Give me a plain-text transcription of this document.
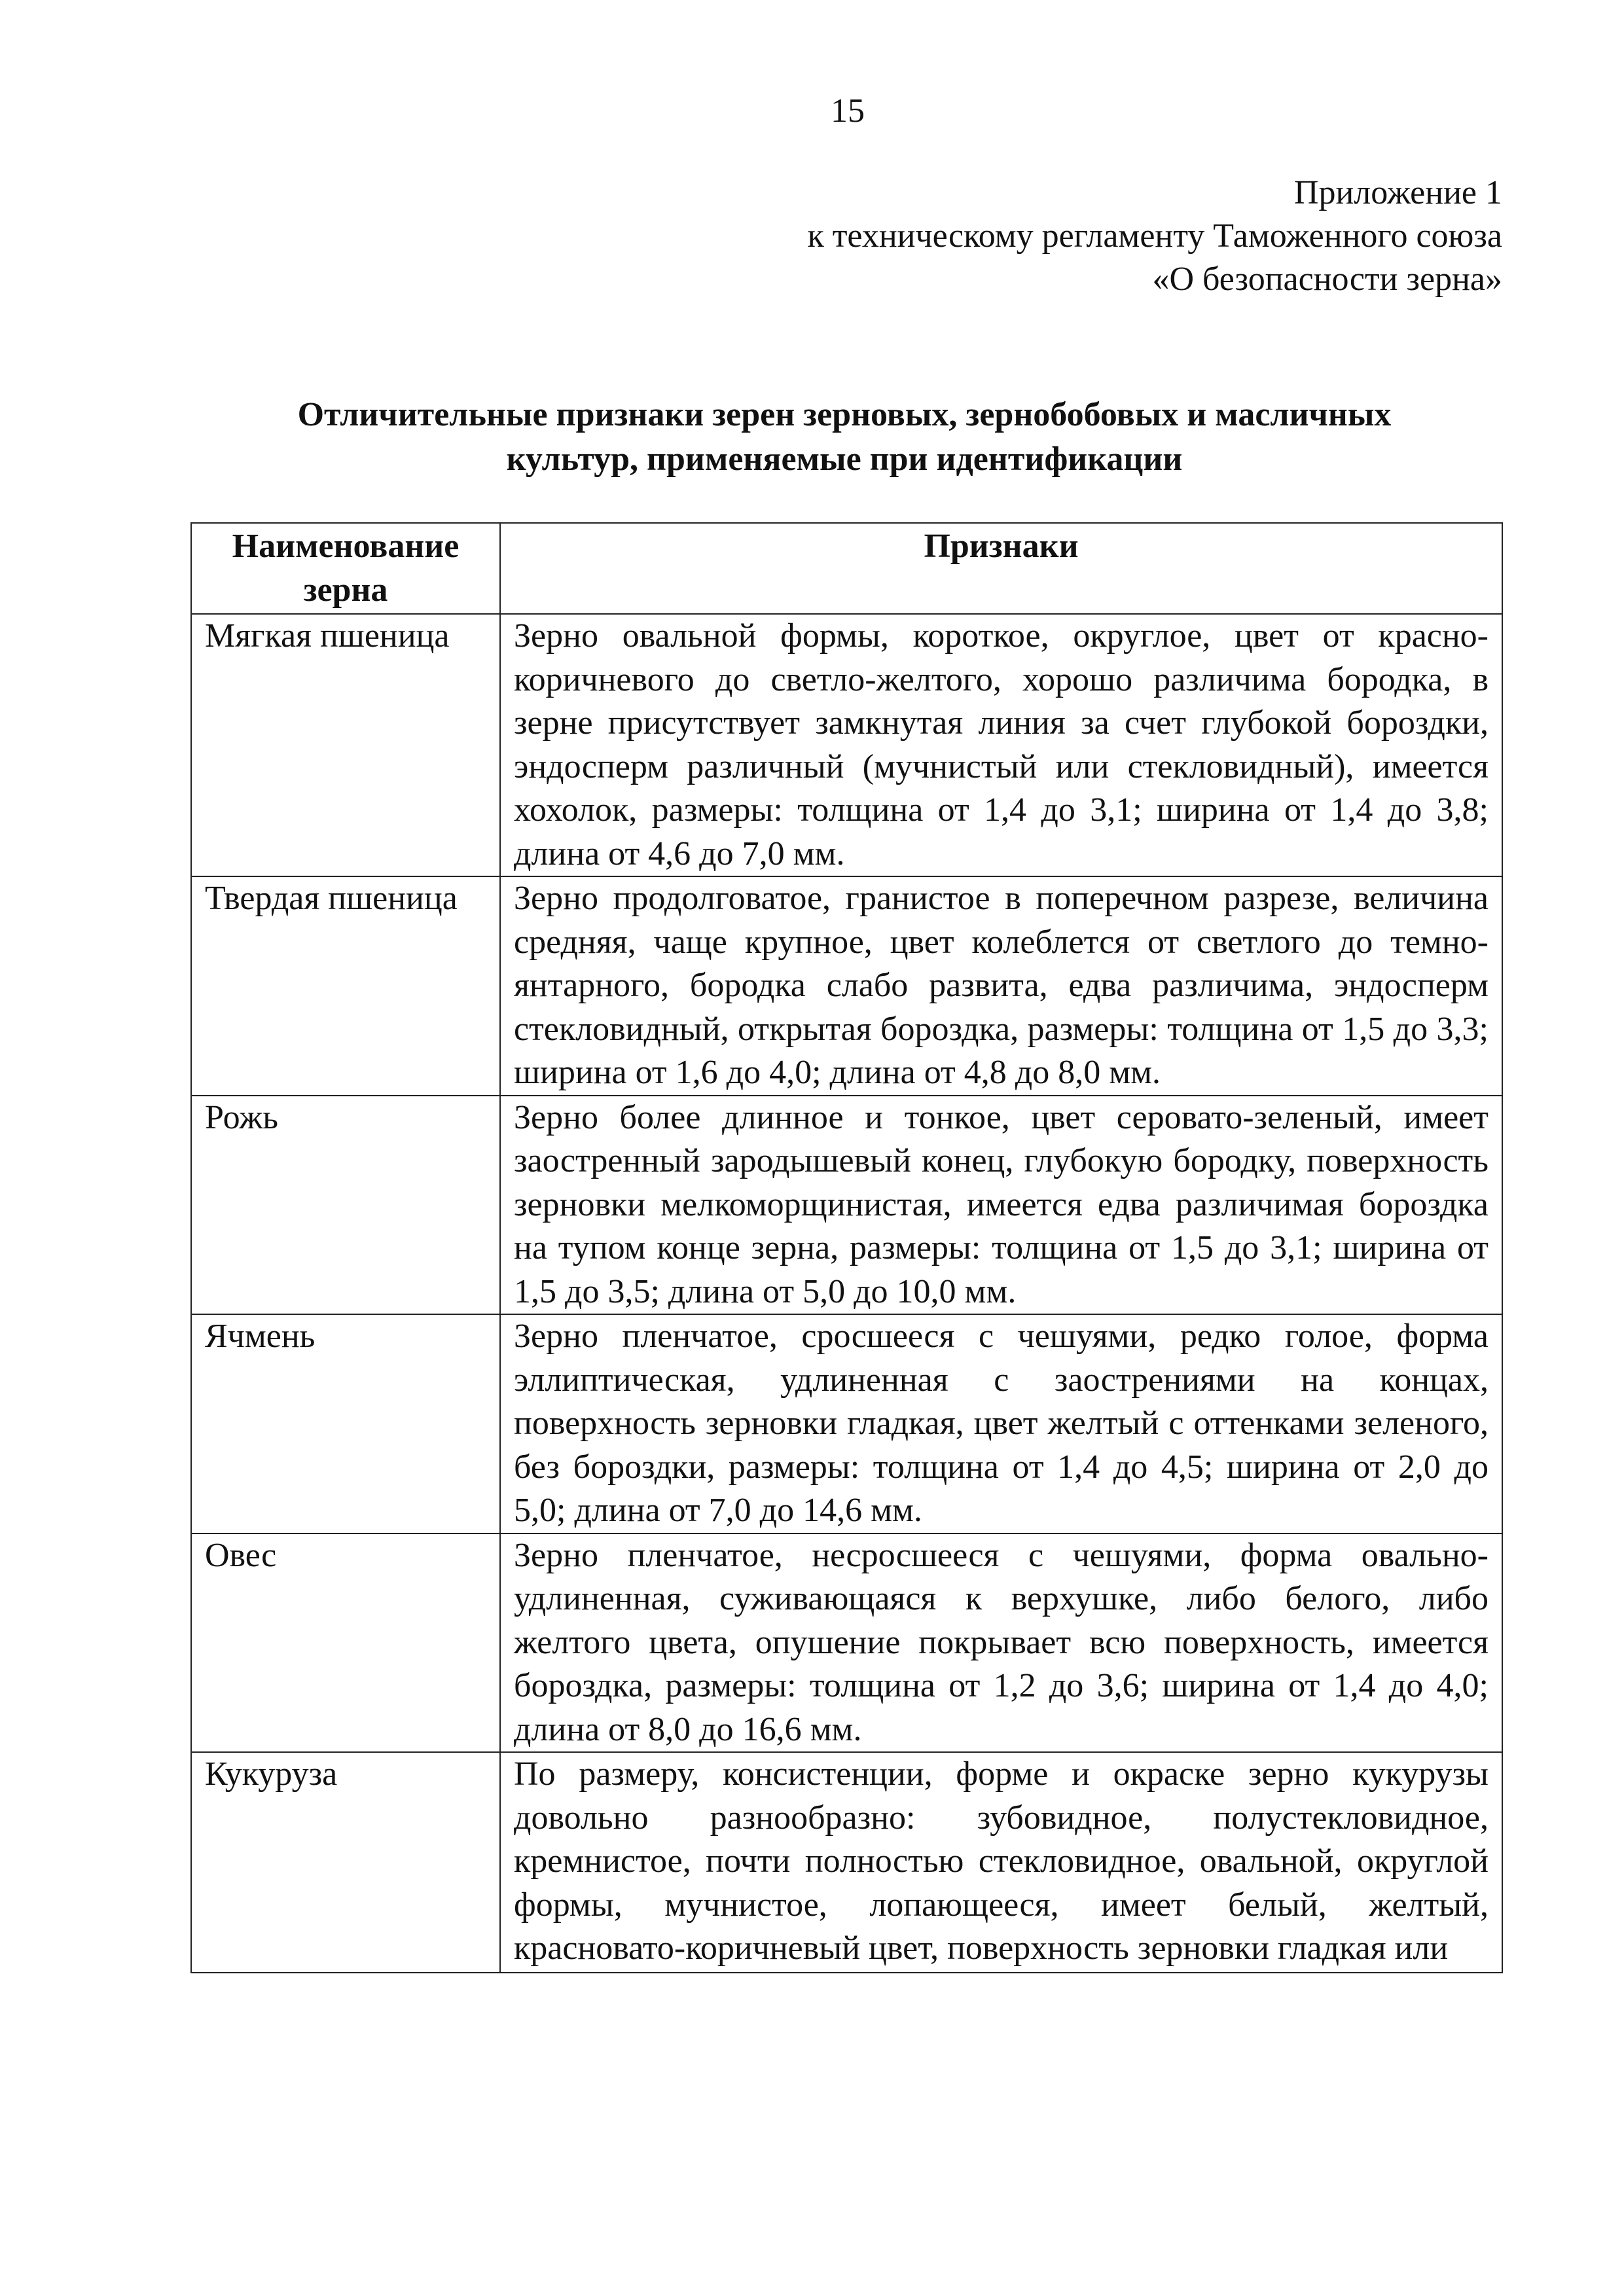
15
Приложение 1
к техническому регламенту Таможенного союза
«О безопасности зерна»
Отличительные признаки зерен зерновых, зернобобовых и масличных
культур, применяемые при идентификации
Наименование зерна	Признаки
Мягкая пшеница	Зерно овальной формы, короткое, округлое, цвет от красно-коричневого до светло-желтого, хорошо различима бородка, в зерне присутствует замкнутая линия за счет глубокой бороздки, эндосперм различный (мучнистый или стекловидный), имеется хохолок, размеры: толщина от 1,4 до 3,1; ширина от 1,4 до 3,8; длина от 4,6 до 7,0 мм.
Твердая пшеница	Зерно продолговатое, гранистое в поперечном разрезе, величина средняя, чаще крупное, цвет колеблется от светлого до темно-янтарного, бородка слабо развита, едва различима, эндосперм стекловидный, открытая бороздка, размеры: толщина от 1,5 до 3,3; ширина от 1,6 до 4,0; длина от 4,8 до 8,0 мм.
Рожь	Зерно более длинное и тонкое, цвет серовато-зеленый, имеет заостренный зародышевый конец, глубокую бородку, поверхность зерновки мелкоморщинистая, имеется едва различимая бороздка на тупом конце зерна, размеры: толщина от 1,5 до 3,1; ширина от 1,5 до 3,5; длина от 5,0 до 10,0 мм.
Ячмень	Зерно пленчатое, сросшееся с чешуями, редко голое, форма эллиптическая, удлиненная с заострениями на концах, поверхность зерновки гладкая, цвет желтый с оттенками зеленого, без бороздки, размеры: толщина от 1,4 до 4,5; ширина от 2,0 до 5,0; длина от 7,0 до 14,6 мм.
Овес	Зерно пленчатое, несросшееся с чешуями, форма овально-удлиненная, суживающаяся к верхушке, либо белого, либо желтого цвета, опушение покрывает всю поверхность, имеется бороздка, размеры: толщина от 1,2 до 3,6; ширина от 1,4 до 4,0; длина от 8,0 до 16,6 мм.
Кукуруза	По размеру, консистенции, форме и окраске зерно кукурузы довольно разнообразно: зубовидное, полустекловидное, кремнистое, почти полностью стекловидное, овальной, округлой формы, мучнистое, лопающееся, имеет белый, желтый, красновато-коричневый цвет, поверхность зерновки гладкая или
